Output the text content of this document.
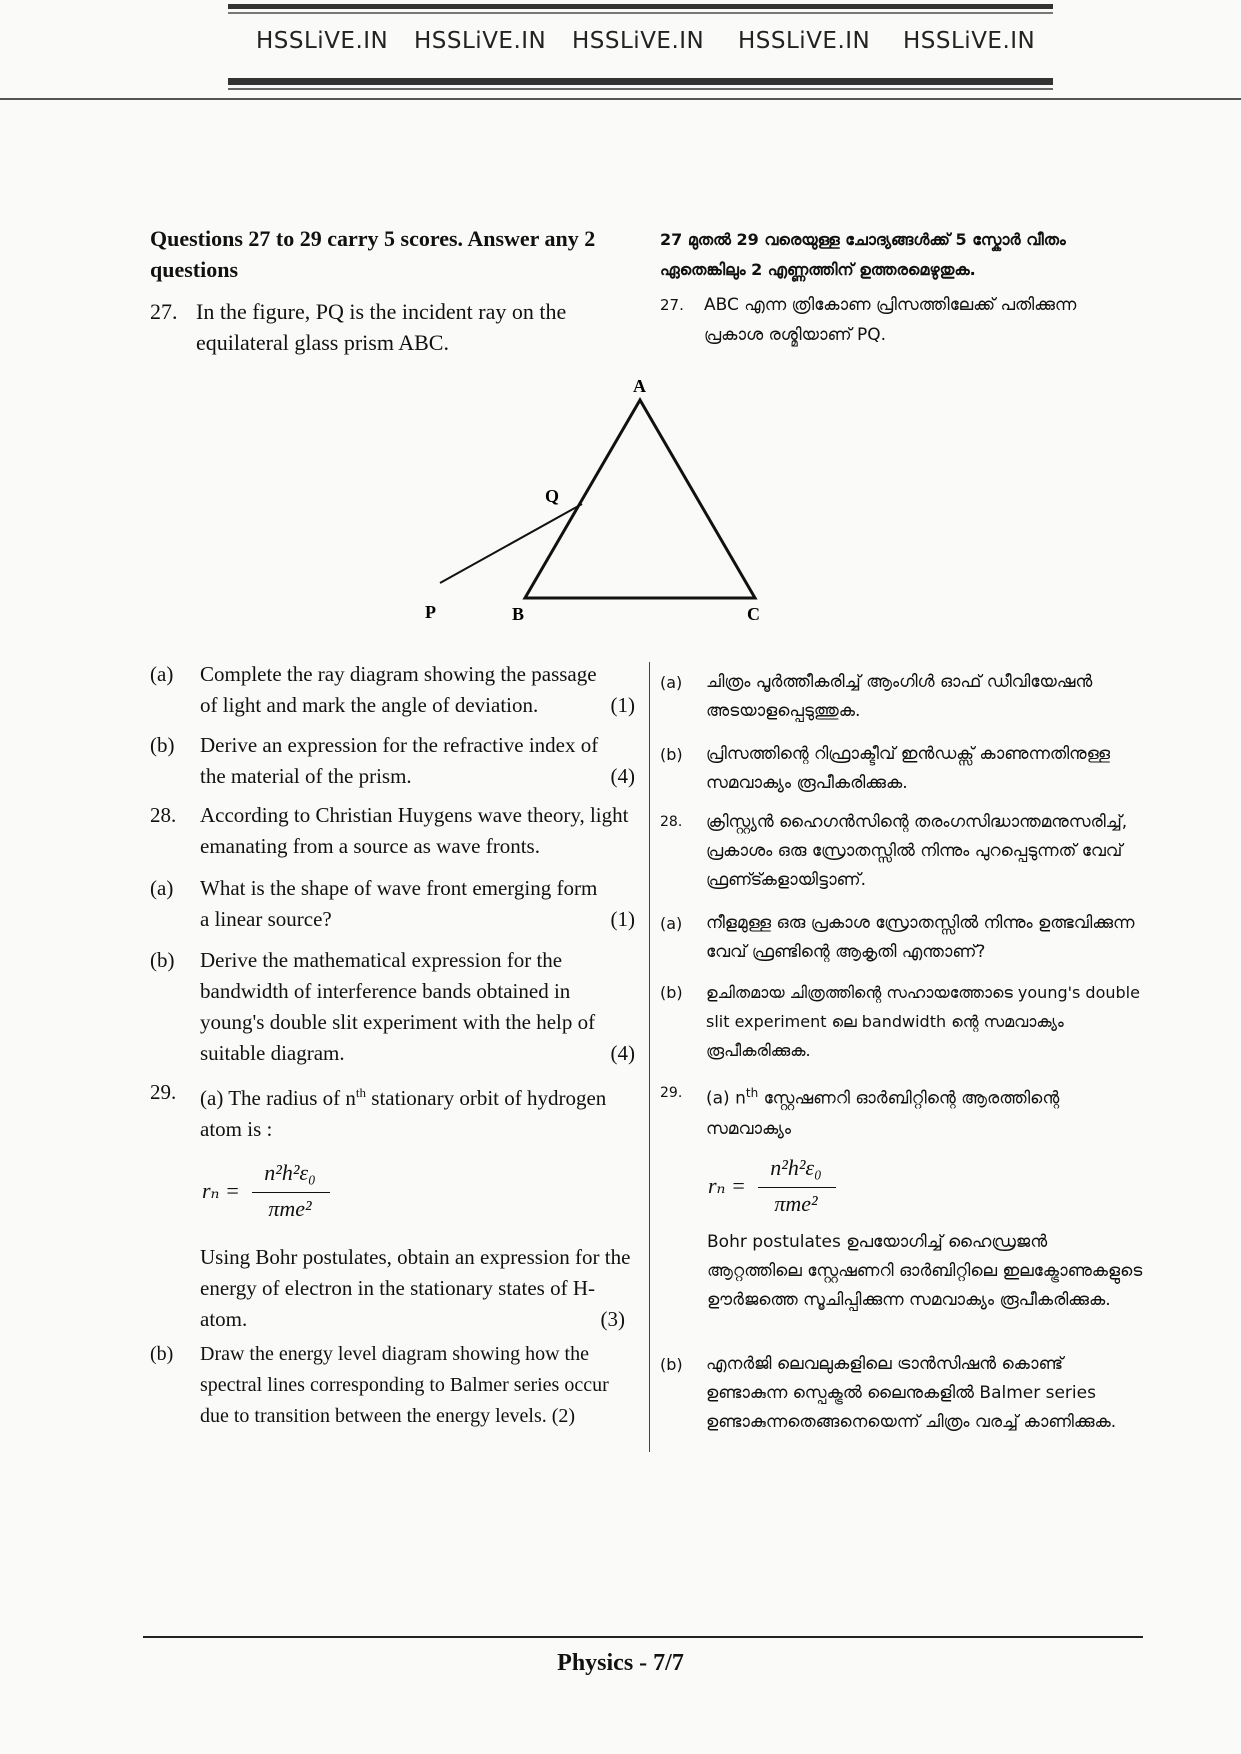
HSSLiVE.IN HSSLiVE.IN HSSLiVE.IN HSSLiVE.IN HSSLiVE.IN
Questions 27 to 29 carry 5 scores. Answer any 2 questions
27 മുതൽ 29 വരെയുള്ള ചോദ്യങ്ങൾക്ക് 5 സ്കോർ വീതം ഏതെങ്കിലും 2 എണ്ണത്തിന് ഉത്തരമെഴുതുക.
27. In the figure, PQ is the incident ray on the equilateral glass prism ABC.
27. ABC എന്ന ത്രികോണ പ്രിസത്തിലേക്ക് പതിക്കുന്ന പ്രകാശ രശ്മിയാണ് PQ.
A
B	C
P
Q
(a) Complete the ray diagram showing the passage of light and mark the angle of deviation.	(1)
(b) Derive an expression for the refractive index of the material of the prism.	(4)
28. According to Christian Huygens wave theory, light emanating from a source as wave fronts.
(a) What is the shape of wave front emerging form a linear source?	(1)
(b) Derive the mathematical expression for the bandwidth of interference bands obtained in young's double slit experiment with the help of suitable diagram.	(4)
29. (a) The radius of $n^{th}$ stationary orbit of hydrogen atom is :
rₙ =
n²h²ε₀
πme²
Using Bohr postulates, obtain an expression for the energy of electron in the stationary states of H-atom.	(3)
(b) Draw the energy level diagram showing how the spectral lines corresponding to Balmer series occur due to transition between the energy levels. (2)
(a) ചിത്രം പൂർത്തീകരിച്ച് ആംഗിൾ ഓഫ് ഡീവിയേഷൻ അടയാളപ്പെടുത്തുക.
(b) പ്രിസത്തിന്റെ റിഫ്രാക്ടീവ് ഇൻഡക്സ് കാണുന്നതിനുള്ള സമവാക്യം രൂപീകരിക്കുക.
28. ക്രിസ്റ്റ്യൻ ഹൈഗൻസിന്റെ തരംഗസിദ്ധാന്തമനുസരിച്ച്, പ്രകാശം ഒരു സ്രോതസ്സിൽ നിന്നും പുറപ്പെടുന്നത് വേവ് ഫ്രണ്ട്കളായിട്ടാണ്.
(a) നീളമുള്ള ഒരു പ്രകാശ സ്രോതസ്സിൽ നിന്നും ഉത്ഭവിക്കുന്ന വേവ് ഫ്രണ്ടിന്റെ ആകൃതി എന്താണ്?
(b) ഉചിതമായ ചിത്രത്തിന്റെ സഹായത്തോടെ young's double slit experiment ലെ bandwidth ന്റെ സമവാക്യം രൂപീകരിക്കുക.
29. (a) $n^{th}$ സ്റ്റേഷണറി ഓർബിറ്റിന്റെ ആരത്തിന്റെ സമവാക്യം
rₙ =
n²h²ε₀
πme²
Bohr postulates ഉപയോഗിച്ച് ഹൈഡ്രജൻ ആറ്റത്തിലെ സ്റ്റേഷണറി ഓർബിറ്റിലെ ഇലക്ട്രോണുകളുടെ ഊർജത്തെ സൂചിപ്പിക്കുന്ന സമവാക്യം രൂപീകരിക്കുക.
(b) എനർജി ലെവലുകളിലെ ട്രാൻസിഷൻ കൊണ്ട് ഉണ്ടാകുന്ന സ്പെക്ട്രൽ ലൈനുകളിൽ Balmer series ഉണ്ടാകുന്നതെങ്ങനെയെന്ന് ചിത്രം വരച്ച് കാണിക്കുക.
Physics - 7/7
